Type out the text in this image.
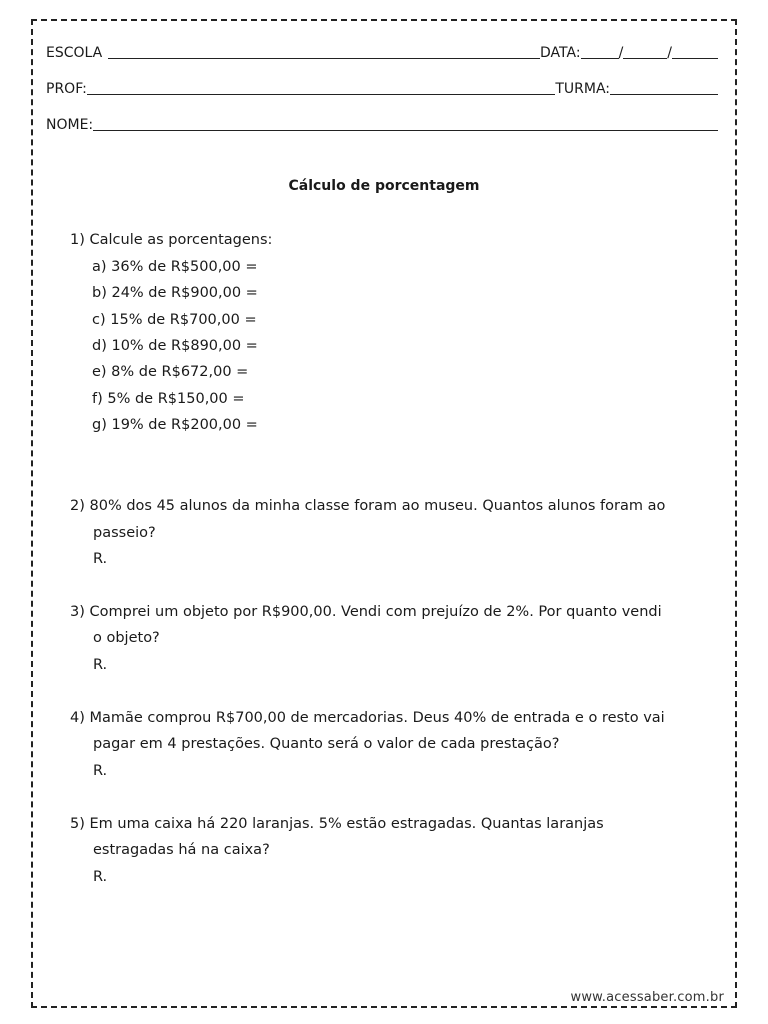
ESCOLA	DATA:	/	/
PROF:	TURMA:
NOME:
Cálculo de porcentagem
1) Calcule as porcentagens:
a) 36% de R$500,00 =
b) 24% de R$900,00 =
c) 15% de R$700,00 =
d) 10% de R$890,00 =
e) 8% de R$672,00 =
f) 5% de R$150,00 =
g) 19% de R$200,00 =
2) 80% dos 45 alunos da minha classe foram ao museu. Quantos alunos foram ao
passeio?
R.
3) Comprei um objeto por R$900,00. Vendi com prejuízo de 2%. Por quanto vendi
o objeto?
R.
4) Mamãe comprou R$700,00 de mercadorias. Deus 40% de entrada e o resto vai
pagar em 4 prestações. Quanto será o valor de cada prestação?
R.
5) Em uma caixa há 220 laranjas. 5% estão estragadas. Quantas laranjas
estragadas há na caixa?
R.
www.acessaber.com.br
